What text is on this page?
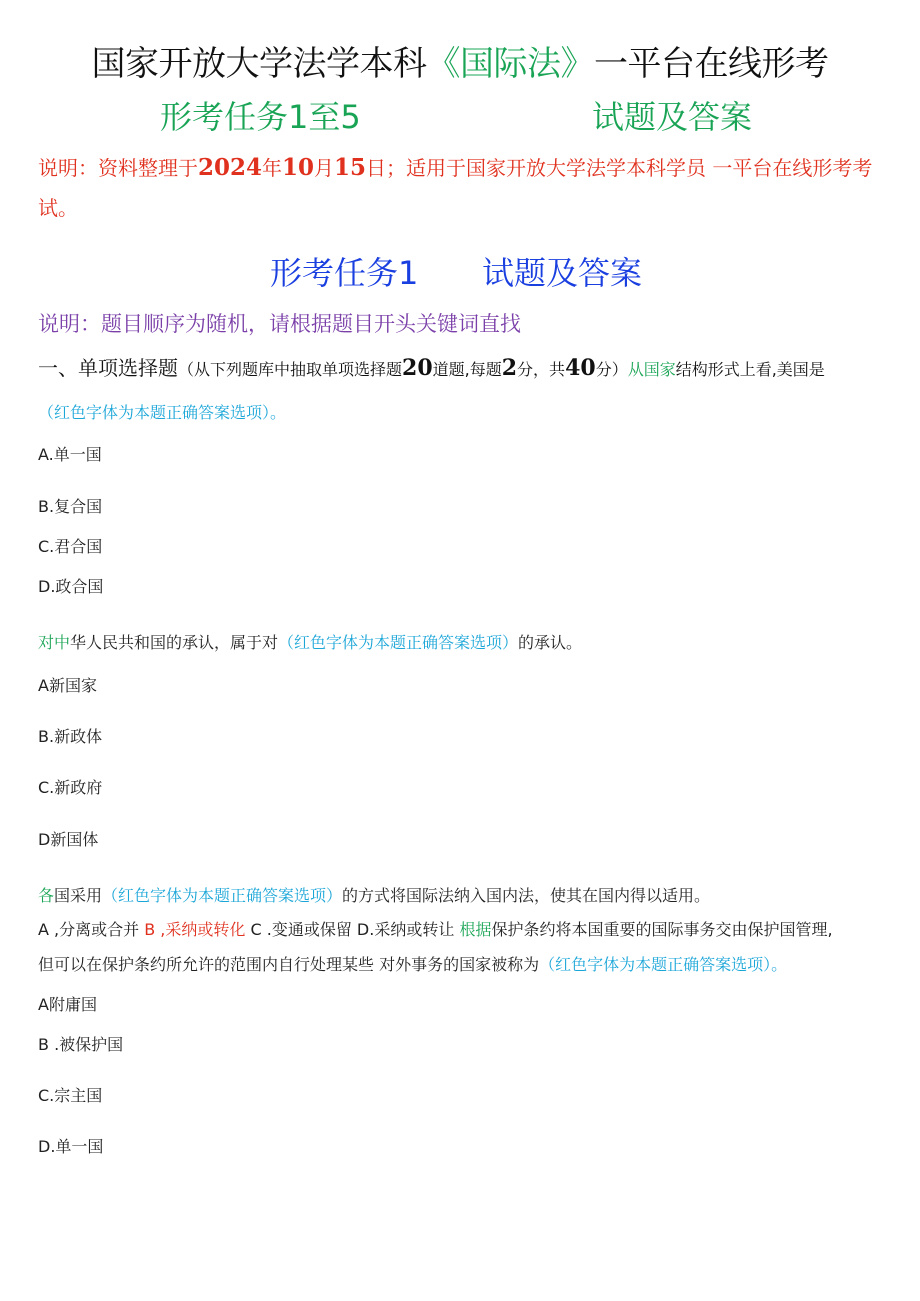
国家开放大学法学本科《国际法》一平台在线形考
形考任务1至5	试题及答案
说明：资料整理于2024年10月15日；适用于国家开放大学法学本科学员 一平台在线形考考试。
形考任务1 试题及答案
说明：题目顺序为随机，请根据题目开头关键词直找
一、单项选择题（从下列题库中抽取单项选择题20道题,每题2分，共40分）从国家结构形式上看,美国是
（红色字体为本题正确答案选项）。
A.单一国
B.复合国
C.君合国
D.政合国
对中华人民共和国的承认，属于对（红色字体为本题正确答案选项）的承认。
A新国家
B.新政体
C.新政府
D新国体
各国采用（红色字体为本题正确答案选项）的方式将国际法纳入国内法，使其在国内得以适用。
A ,分离或合并 B ,采纳或转化 C .变通或保留 D.采纳或转让 根据保护条约将本国重要的国际事务交由保护国管理,
但可以在保护条约所允许的范围内自行处理某些 对外事务的国家被称为（红色字体为本题正确答案选项）。
A附庸国
B .被保护国
C.宗主国
D.单一国
